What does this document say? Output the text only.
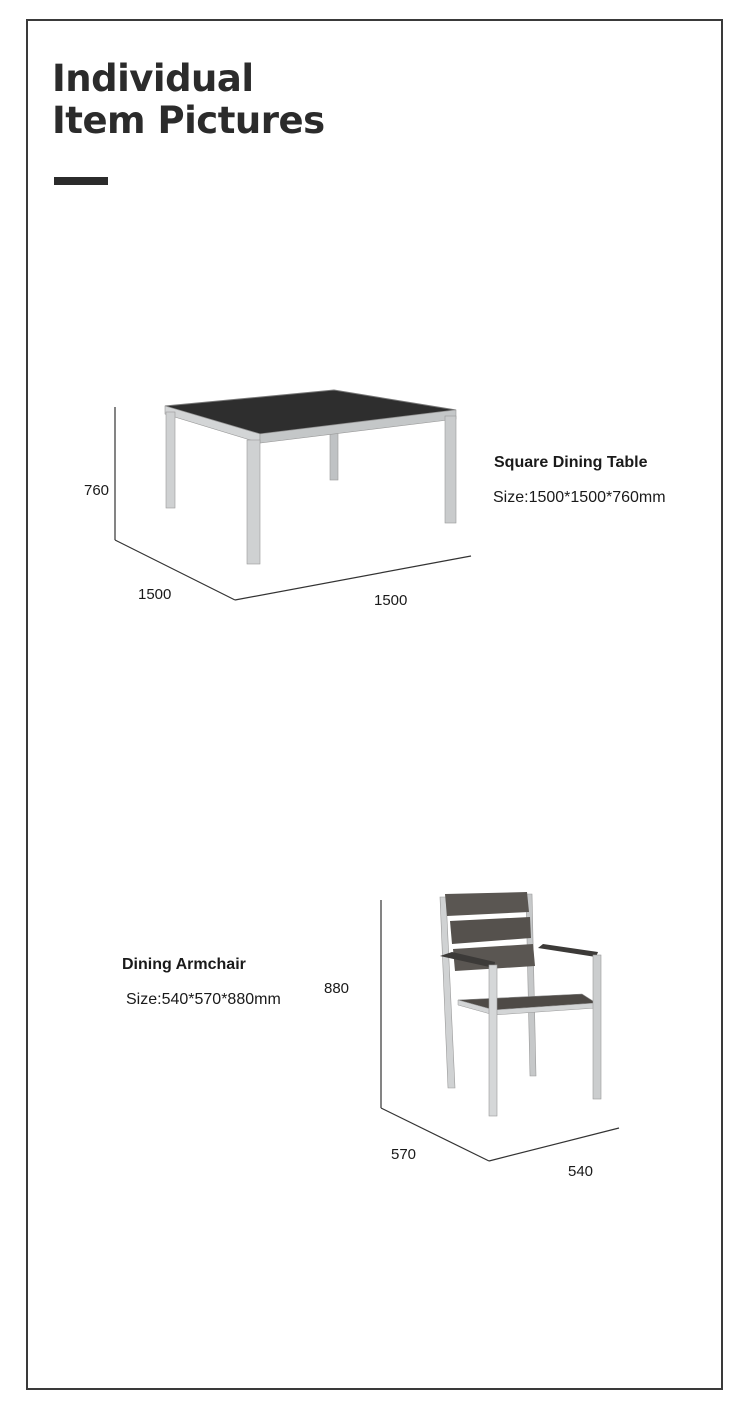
Individual
Item Pictures
Square Dining Table
Size:1500*1500*760mm
760
1500	1500
Dining Armchair
Size:540*570*880mm
880
570
540
